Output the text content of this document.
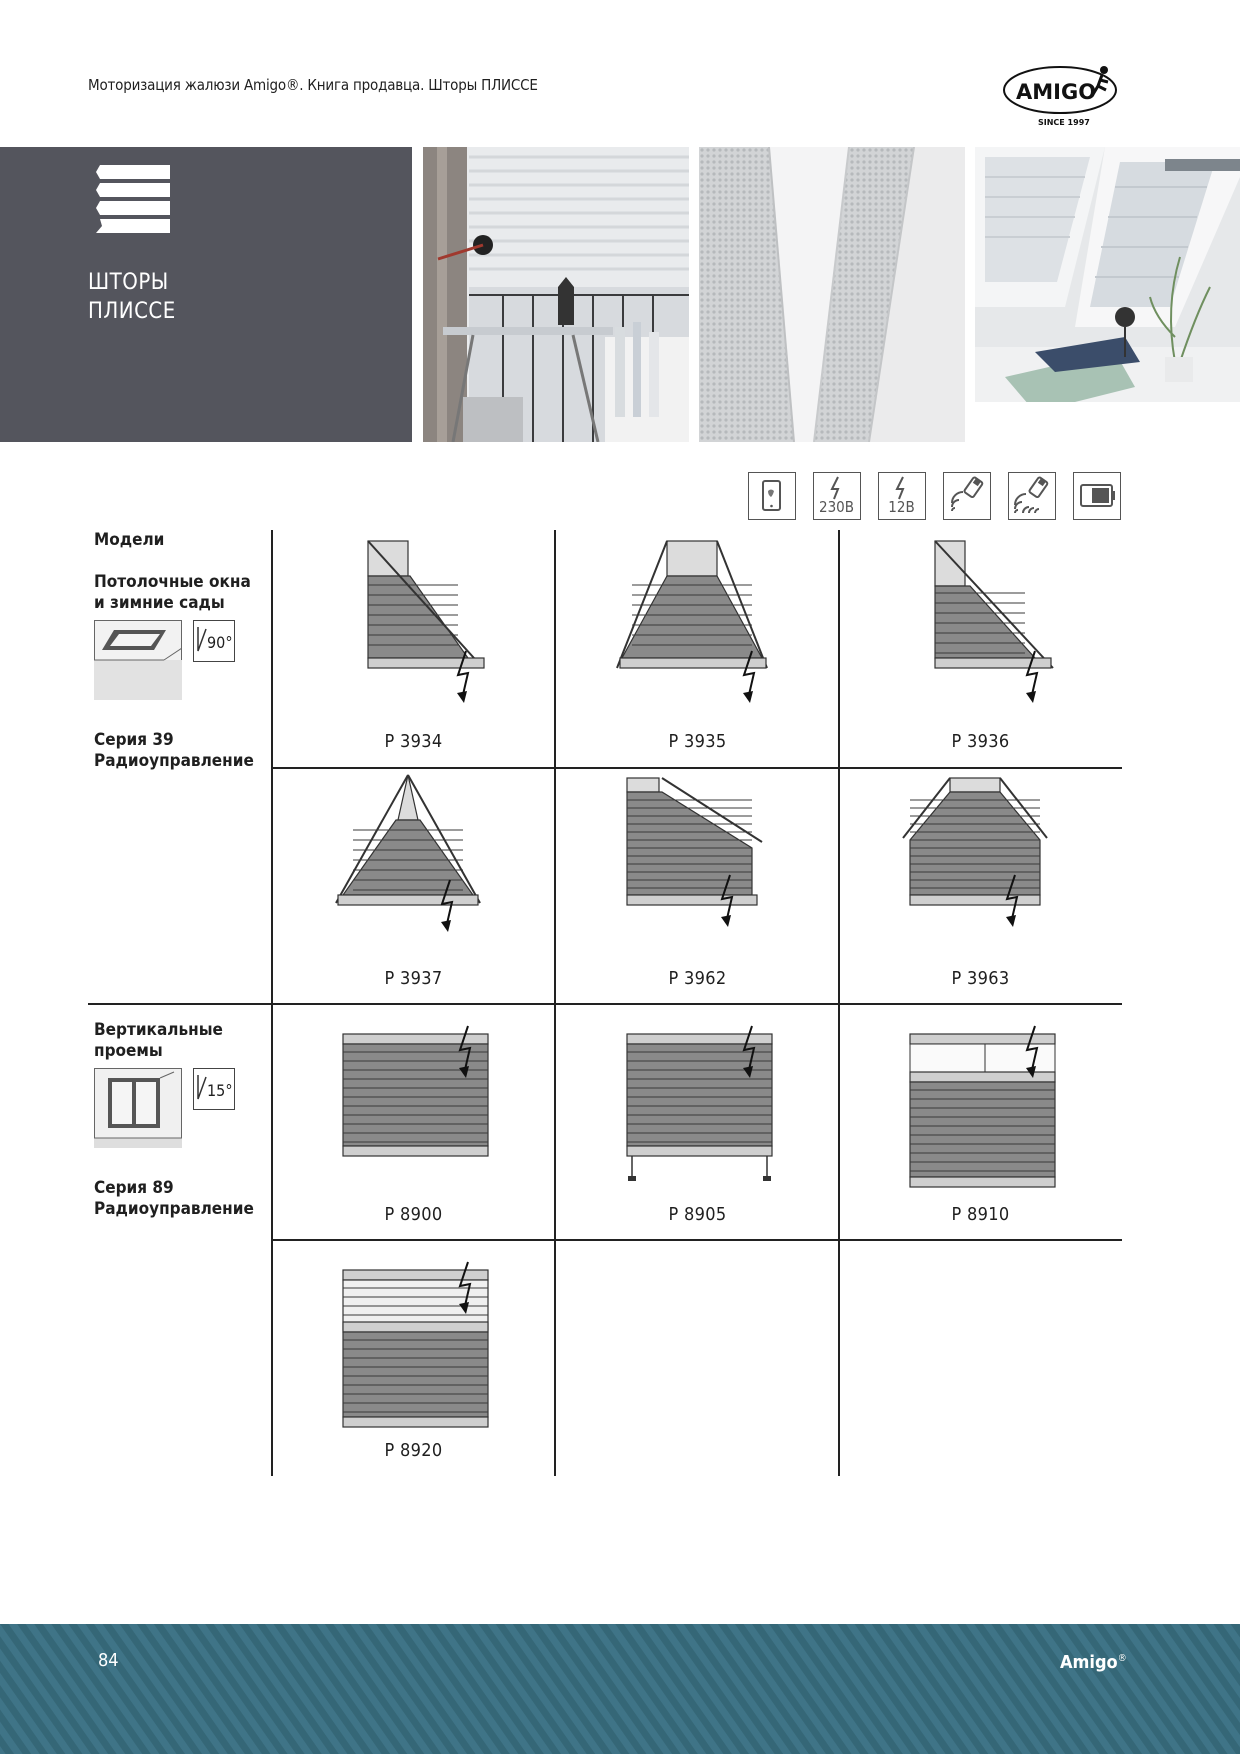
Моторизация жалюзи Amigo®. Книга продавца. Шторы ПЛИССЕ	AMIGO
SINCE 1997
ШТОРЫ
ПЛИССЕ
230В	12В
Модели
Потолочные окна
и зимние сады
90°
Серия 39
Радиоуправление
Вертикальные
проемы
15°
Серия 89
Радиоуправление
P 3934	P 3935	P 3936
P 3937	P 3962	P 3963
P 8900	P 8905	P 8910
P 8920
84	Amigo®
